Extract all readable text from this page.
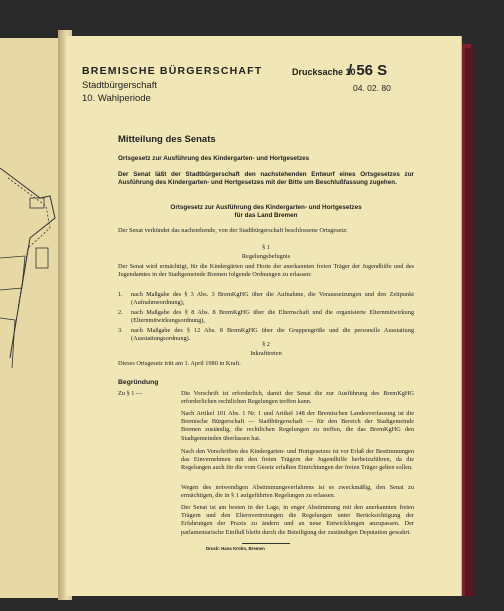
BREMISCHE BÜRGERSCHAFT
Stadtbürgerschaft
10. Wahlperiode
Drucksache 10
/ 56 S
04. 02. 80
Mitteilung des Senats
Ortsgesetz zur Ausführung des Kindergarten- und Hortgesetzes
Der Senat läßt der Stadtbürgerschaft den nachstehenden Entwurf eines Ortsgesetzes zur Ausführung des Kindergarten- und Hortgesetzes mit der Bitte um Beschlußfassung zugehen.
Ortsgesetz zur Ausführung des Kindergarten- und Hortgesetzes
für das Land Bremen
Der Senat verkündet das nachstehende, von der Stadtbürgerschaft beschlossene Ortsgesetz:
§ 1
Regelungsbefugnis
Der Senat wird ermächtigt, für die Kindergärten und Horte der anerkannten freien Träger der Jugendhilfe und des Jugendamtes in der Stadtgemeinde Bremen folgende Ordnungen zu erlassen:
1. nach Maßgabe des § 3 Abs. 3 BremKgHG über die Aufnahme, die Voraussetzungen und den Zeitpunkt (Aufnahmeordnung),
2. nach Maßgabe des § 8 Abs. 8 BremKgHG über die Elternschaft und die organisierte Elternmitwirkung (Elternmitwirkungsordnung),
3. nach Maßgabe des § 12 Abs. 8 BremKgHG über die Gruppengröße und die personelle Ausstattung (Ausstattungsordnung).
§ 2
Inkrafttreten
Dieses Ortsgesetz tritt am 1. April 1980 in Kraft.
Begründung
Zu § 1 —	Die Vorschrift ist erforderlich, damit der Senat die zur Ausführung des BremKgHG erforderlichen rechtlichen Regelungen treffen kann.
Nach Artikel 101 Abs. 1 Nr. 1 und Artikel 148 der Bremischen Landesverfassung ist die Bremische Bürgerschaft — Stadtbürgerschaft — für den Bereich der Stadtgemeinde Bremen zuständig, die rechtlichen Regelungen zu treffen, die das BremKgHG den Stadtgemeinden überlassen hat.
Nach den Vorschriften des Kindergarten- und Hortgesetzes ist vor Erlaß der Bestimmungen das Einvernehmen mit den freien Trägern der Jugendhilfe herbeizuführen, da die Regelungen auch für die vom Gesetz erfaßten Einrichtungen der freien Träger gelten sollen.
Wegen des notwendigen Abstimmungsverfahrens ist es zweckmäßig, den Senat zu ermächtigen, die in § 1 aufgeführten Regelungen zu erlassen.
Der Senat ist am besten in der Lage, in enger Abstimmung mit den anerkannten freien Trägern und den Elternvertretungen die Regelungen unter Berücksichtigung der Erfahrungen der Praxis zu ändern und an neue Entwicklungen anzupassen. Der parlamentarische Einfluß bleibt durch die Beteiligung der zuständigen Deputation gewahrt.
Druck: Hans Krohn, Bremen
